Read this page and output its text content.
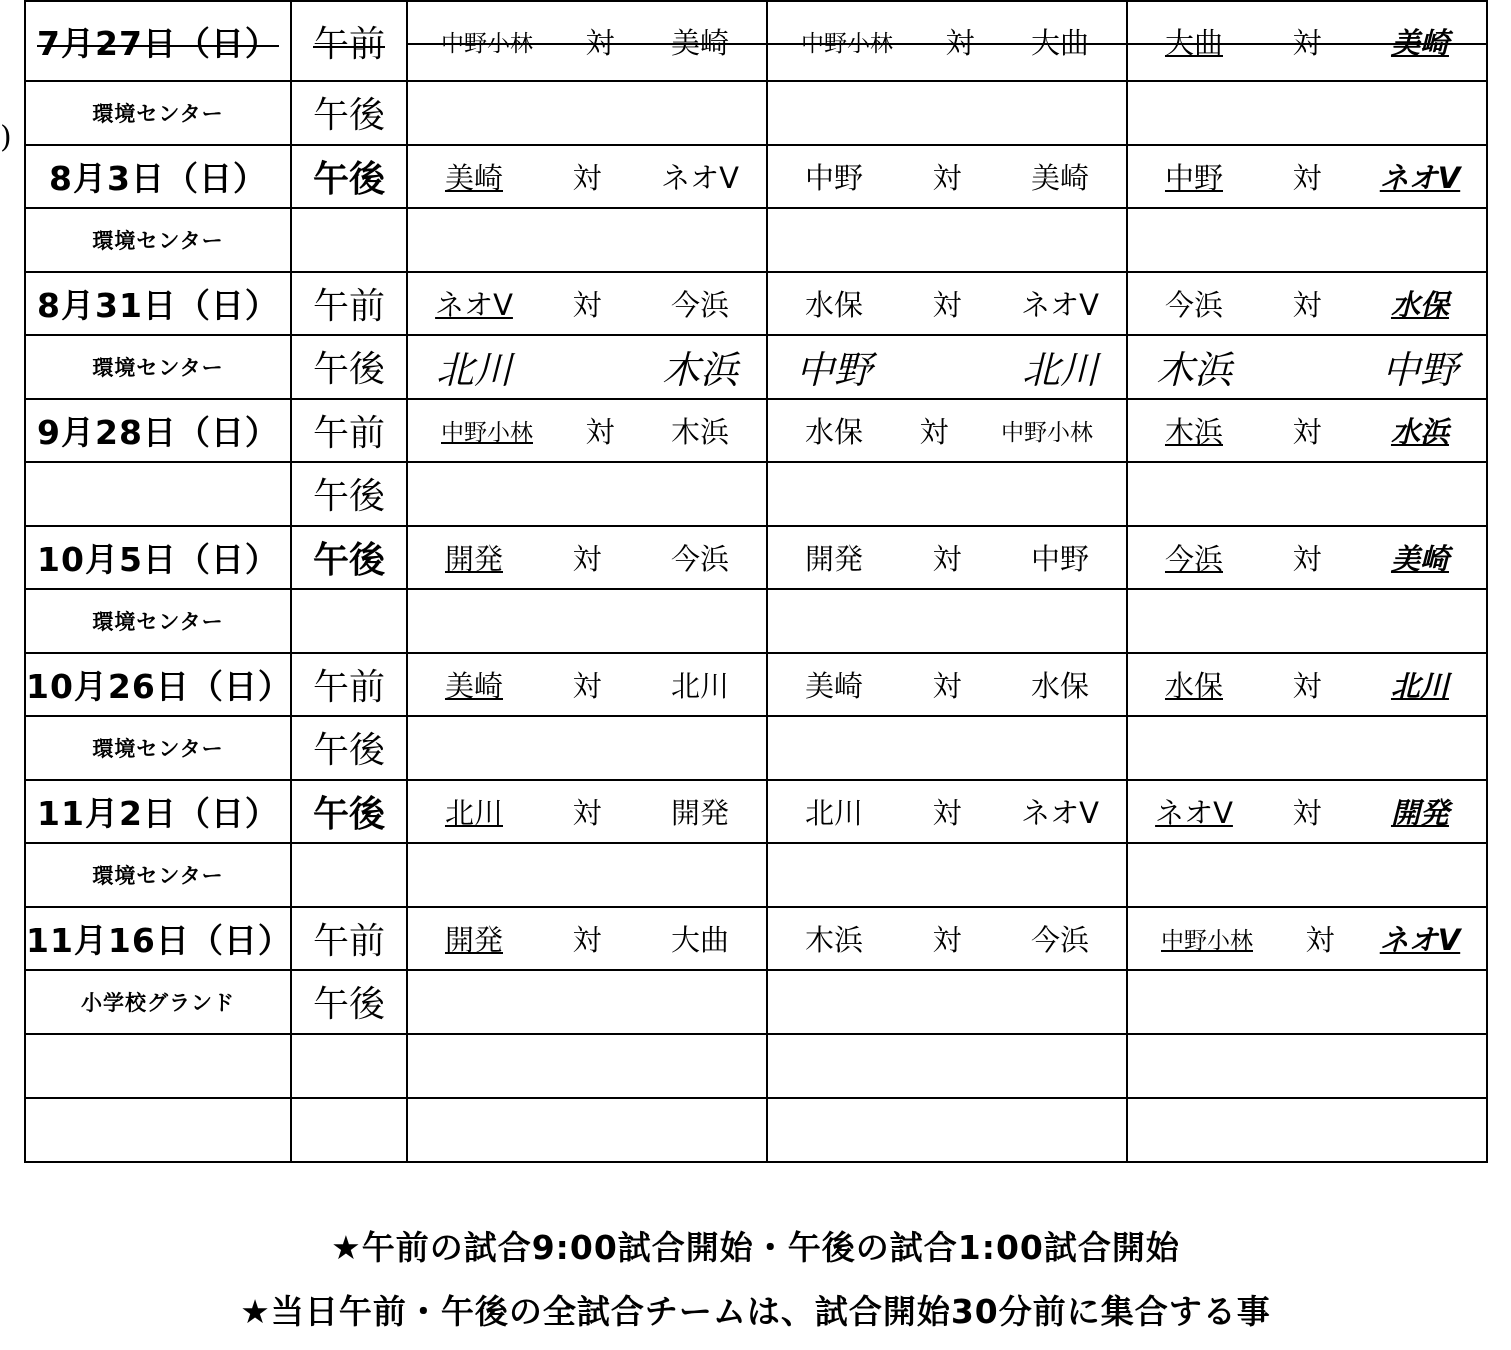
7月27日（日）	午前	中野小林 対 美崎	中野小林 対 大曲	大曲 対 美崎

環境センター	午後			
8月3日（日）	午後	美崎 対 ネオV	中野 対 美崎	中野 対 ネオV

環境センター				
8月31日（日）	午前	ネオV 対 今浜	水保 対 ネオV	今浜 対 水保

環境センター	午後	北川 木浜	中野 北川	木浜 中野

9月28日（日）	午前	中野小林 対 木浜	水保 対 中野小林	木浜 対 水浜

	午後			
10月5日（日）	午後	開発 対 今浜	開発 対 中野	今浜 対 美崎

環境センター				
10月26日（日）	午前	美崎 対 北川	美崎 対 水保	水保 対 北川

環境センター	午後			
11月2日（日）	午後	北川 対 開発	北川 対 ネオV	ネオV 対 開発

環境センター				
11月16日（日）	午前	開発 対 大曲	木浜 対 今浜	中野小林 対 ネオV

小学校グランド	午後			

)
★午前の試合9:00試合開始・午後の試合1:00試合開始
★当日午前・午後の全試合チームは、試合開始30分前に集合する事
